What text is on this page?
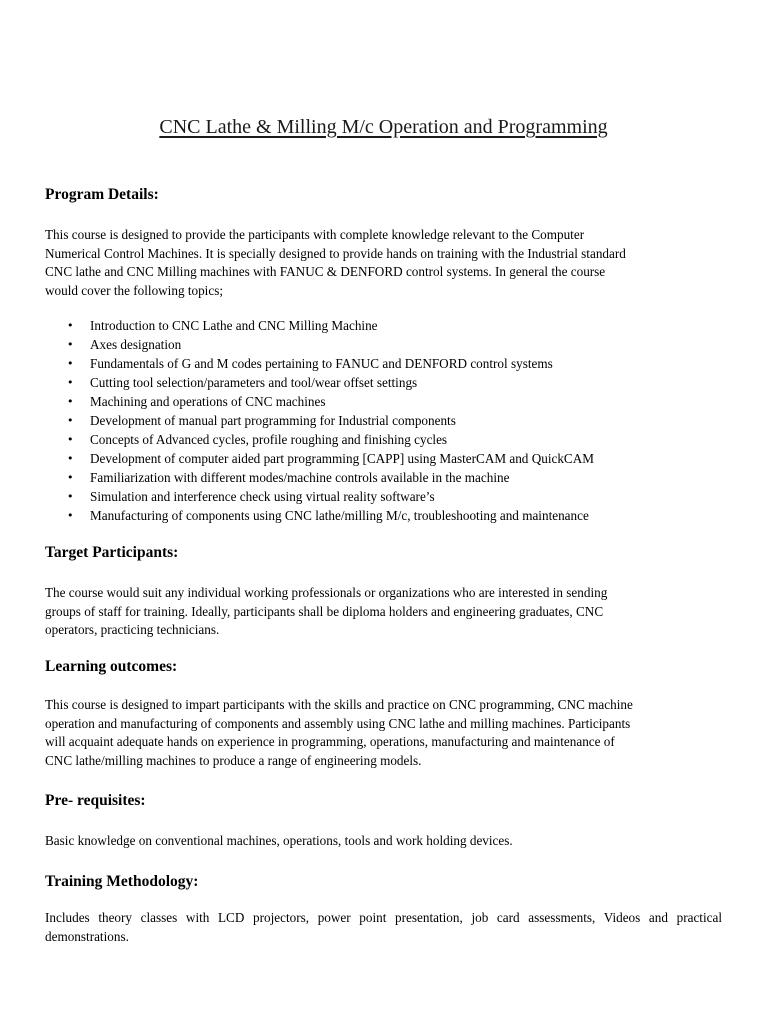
CNC Lathe & Milling M/c Operation and Programming
Program Details:
This course is designed to provide the participants with complete knowledge relevant to the Computer
Numerical Control Machines. It is specially designed to provide hands on training with the Industrial standard
CNC lathe and CNC Milling machines with FANUC & DENFORD control systems. In general the course
would cover the following topics;
• Introduction to CNC Lathe and CNC Milling Machine
• Axes designation
• Fundamentals of G and M codes pertaining to FANUC and DENFORD control systems
• Cutting tool selection/parameters and tool/wear offset settings
• Machining and operations of CNC machines
• Development of manual part programming for Industrial components
• Concepts of Advanced cycles, profile roughing and finishing cycles
• Development of computer aided part programming [CAPP] using MasterCAM and QuickCAM
• Familiarization with different modes/machine controls available in the machine
• Simulation and interference check using virtual reality software’s
• Manufacturing of components using CNC lathe/milling M/c, troubleshooting and maintenance
Target Participants:
The course would suit any individual working professionals or organizations who are interested in sending
groups of staff for training. Ideally, participants shall be diploma holders and engineering graduates, CNC
operators, practicing technicians.
Learning outcomes:
This course is designed to impart participants with the skills and practice on CNC programming, CNC machine
operation and manufacturing of components and assembly using CNC lathe and milling machines. Participants
will acquaint adequate hands on experience in programming, operations, manufacturing and maintenance of
CNC lathe/milling machines to produce a range of engineering models.
Pre- requisites:
Basic knowledge on conventional machines, operations, tools and work holding devices.
Training Methodology:
Includes theory classes with LCD projectors, power point presentation, job card assessments, Videos and practical demonstrations.
